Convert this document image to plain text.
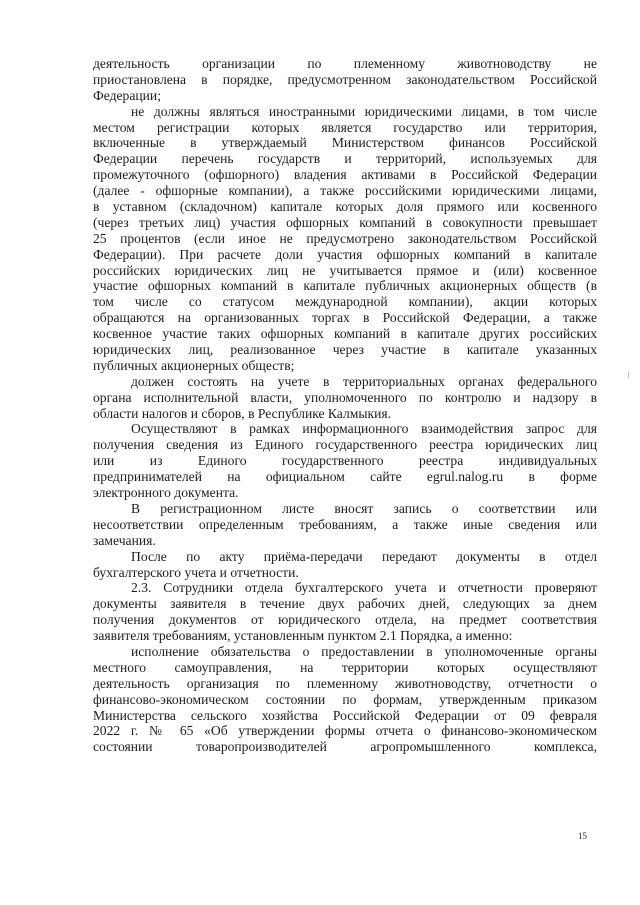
деятельность организации по племенному животноводству не
приостановлена в порядке, предусмотренном законодательством Российской
Федерации;
не должны являться иностранными юридическими лицами, в том числе
местом регистрации которых является государство или территория,
включенные в утверждаемый Министерством финансов Российской
Федерации перечень государств и территорий, используемых для
промежуточного (офшорного) владения активами в Российской Федерации
(далее - офшорные компании), а также российскими юридическими лицами,
в уставном (складочном) капитале которых доля прямого или косвенного
(через третьих лиц) участия офшорных компаний в совокупности превышает
25 процентов (если иное не предусмотрено законодательством Российской
Федерации). При расчете доли участия офшорных компаний в капитале
российских юридических лиц не учитывается прямое и (или) косвенное
участие офшорных компаний в капитале публичных акционерных обществ (в
том числе со статусом международной компании), акции которых
обращаются на организованных торгах в Российской Федерации, а также
косвенное участие таких офшорных компаний в капитале других российских
юридических лиц, реализованное через участие в капитале указанных
публичных акционерных обществ;
должен состоять на учете в территориальных органах федерального
органа исполнительной власти, уполномоченного по контролю и надзору в
области налогов и сборов, в Республике Калмыкия.
Осуществляют в рамках информационного взаимодействия запрос для
получения сведения из Единого государственного реестра юридических лиц
или из Единого государственного реестра индивидуальных
предпринимателей на официальном сайте egrul.nalog.ru в форме
электронного документа.
В регистрационном листе вносят запись о соответствии или
несоответствии определенным требованиям, а также иные сведения или
замечания.
После по акту приёма-передачи передают документы в отдел
бухгалтерского учета и отчетности.
2.3. Сотрудники отдела бухгалтерского учета и отчетности проверяют
документы заявителя в течение двух рабочих дней, следующих за днем
получения документов от юридического отдела, на предмет соответствия
заявителя требованиям, установленным пунктом 2.1 Порядка, а именно:
исполнение обязательства о предоставлении в уполномоченные органы
местного самоуправления, на территории которых осуществляют
деятельность организация по племенному животноводству, отчетности о
финансово-экономическом состоянии по формам, утвержденным приказом
Министерства сельского хозяйства Российской Федерации от 09 февраля
2022 г. № 65 «Об утверждении формы отчета о финансово-экономическом
состоянии товаропроизводителей агропромышленного комплекса,
15
